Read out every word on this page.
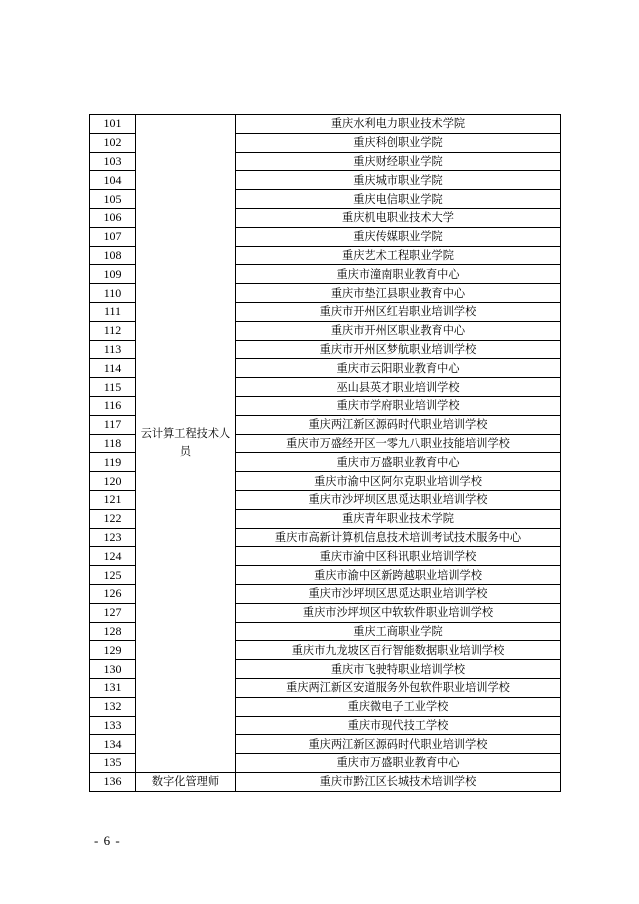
101	云计算工程技术人员	重庆水利电力职业技术学院
102		重庆科创职业学院
103		重庆财经职业学院
104		重庆城市职业学院
105		重庆电信职业学院
106		重庆机电职业技术大学
107		重庆传媒职业学院
108		重庆艺术工程职业学院
109		重庆市潼南职业教育中心
110		重庆市垫江县职业教育中心
111		重庆市开州区红岩职业培训学校
112		重庆市开州区职业教育中心
113		重庆市开州区梦航职业培训学校
114		重庆市云阳职业教育中心
115		巫山县英才职业培训学校
116		重庆市学府职业培训学校
117		重庆两江新区源码时代职业培训学校
118		重庆市万盛经开区一零九八职业技能培训学校
119		重庆市万盛职业教育中心
120		重庆市渝中区阿尔克职业培训学校
121		重庆市沙坪坝区思觅达职业培训学校
122		重庆青年职业技术学院
123		重庆市高新计算机信息技术培训考试技术服务中心
124		重庆市渝中区科讯职业培训学校
125		重庆市渝中区新跨越职业培训学校
126		重庆市沙坪坝区思觅达职业培训学校
127		重庆市沙坪坝区中软软件职业培训学校
128		重庆工商职业学院
129		重庆市九龙坡区百行智能数据职业培训学校
130		重庆市飞驶特职业培训学校
131		重庆两江新区安道服务外包软件职业培训学校
132		重庆微电子工业学校
133		重庆市现代技工学校
134		重庆两江新区源码时代职业培训学校
135		重庆市万盛职业教育中心
136	数字化管理师	重庆市黔江区长城技术培训学校
- 6 -
